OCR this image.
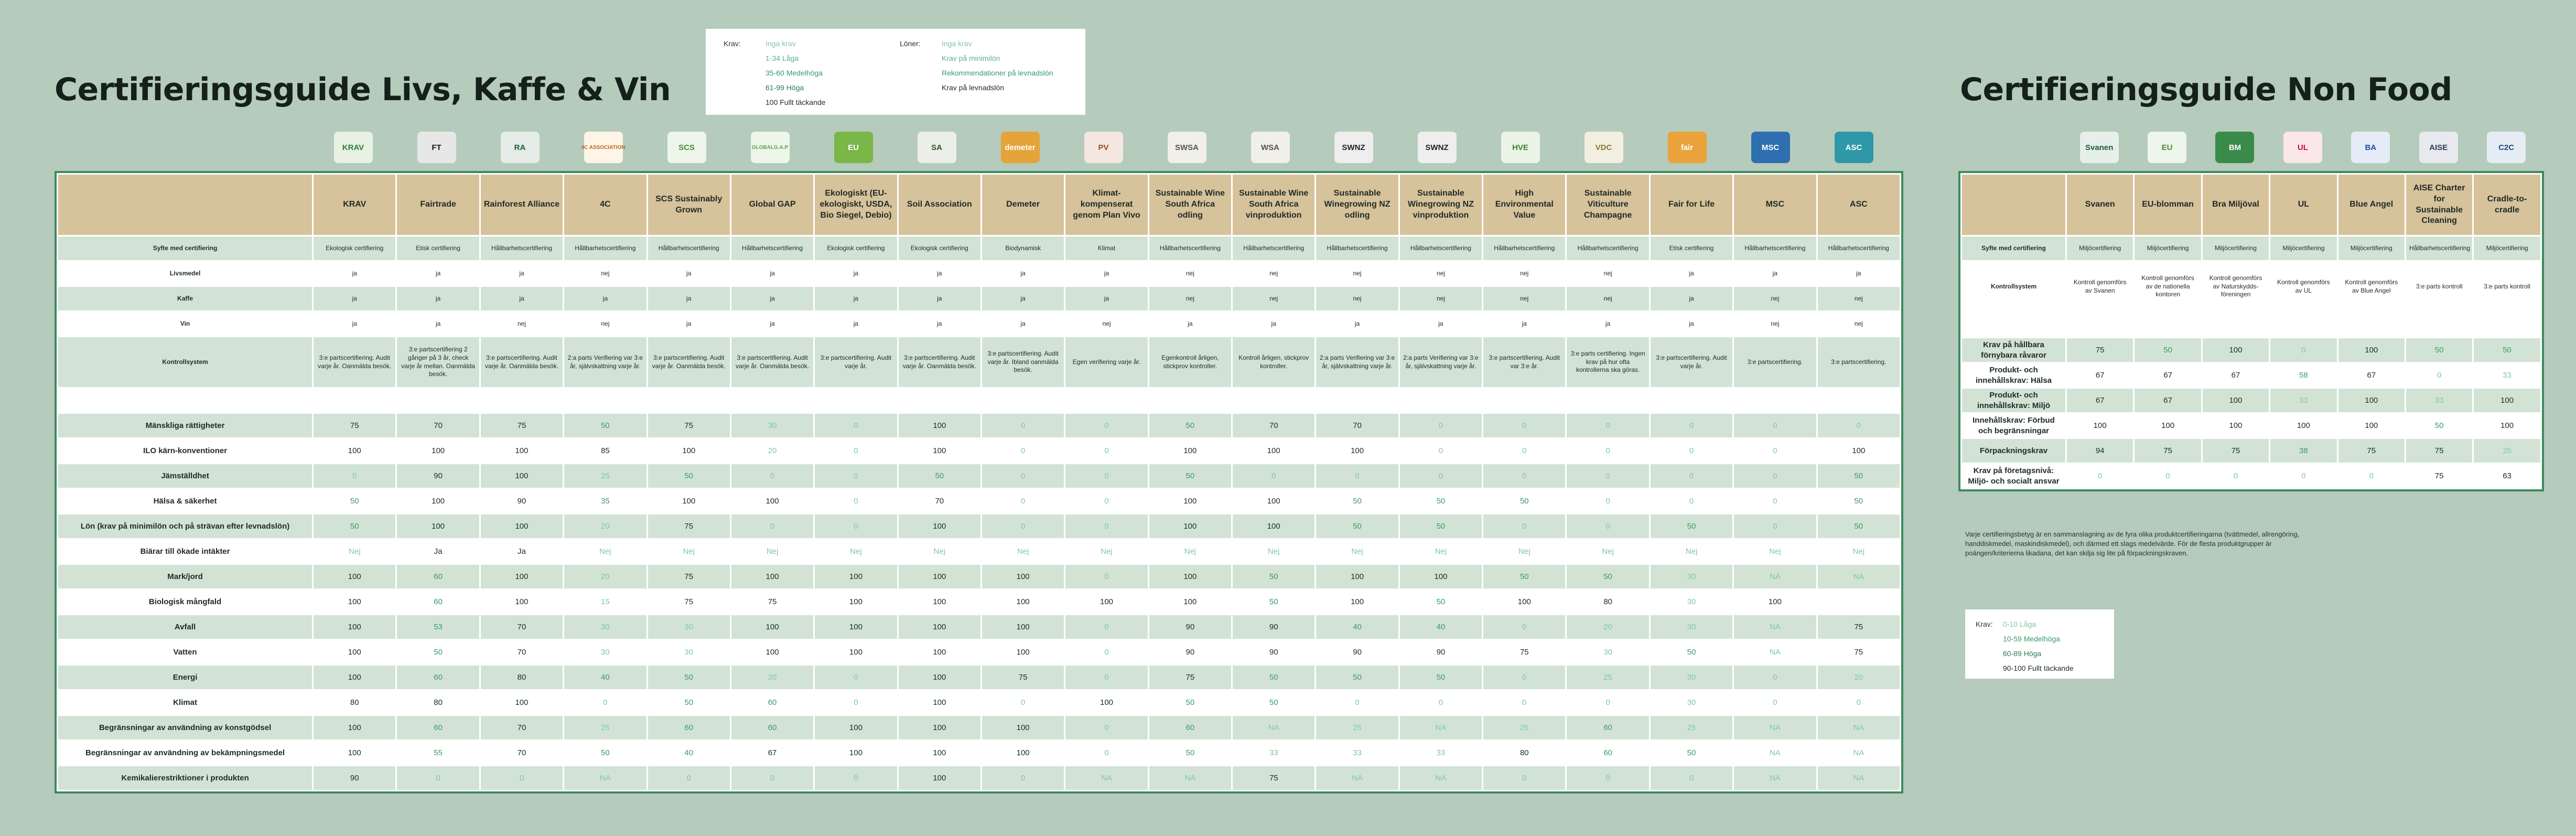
Certifieringsguide Livs, Kaffe & Vin	Certifieringsguide Non Food
Krav:	Inga krav
1-34 Låga
35-60 Medelhöga
61-99 Höga
100 Fullt täckande
Löner:	Inga krav
Krav på minimilön
Rekommendationer på levnadslön
Krav på levnadslön
Krav: 0-10 Låga
10-59 Medelhöga
60-89 Höga
90-100 Fullt täckande
KRAV	FT	RA	4C ASSOCIATION	SCS	GLOBALG.A.P	EU	SA	demeter	PV	SWSA	WSA	SWNZ	SWNZ	HVE	VDC	fair	MSC	ASC	Svanen	EU	BM	UL	BA	AISE	C2C
	KRAV	Fairtrade	Rainforest Alliance	4C	SCS Sustainably Grown	Global GAP	Ekologiskt (EU-ekologiskt, USDA, Bio Siegel, Debio)	Soil Association	Demeter	Klimat-kompenserat genom Plan Vivo	Sustainable Wine South Africa odling	Sustainable Wine South Africa vinproduktion	Sustainable Winegrowing NZ odling	Sustainable Winegrowing NZ vinproduktion	High Environmental Value	Sustainable Viticulture Champagne	Fair for Life	MSC	ASC
Syfte med certifiering	Ekologisk certifiering	Etisk certifiering	Hållbarhetscertifiering	Hållbarhetscertifiering	Hållbarhetscertifiering	Hållbarhetscertifiering	Ekologisk certifiering	Ekologisk certifiering	Biodynamisk	Klimat	Hållbarhetscertifiering	Hållbarhetscertifiering	Hållbarhetscertifiering	Hållbarhetscertifiering	Hållbarhetscertifiering	Hållbarhetscertifiering	Etisk certifiering	Hållbarhetscertifiering	Hållbarhetscertifiering
Livsmedel	ja	ja	ja	nej	ja	ja	ja	ja	ja	ja	nej	nej	nej	nej	nej	nej	ja	ja	ja
Kaffe	ja	ja	ja	ja	ja	ja	ja	ja	ja	ja	nej	nej	nej	nej	nej	nej	ja	nej	nej
Vin	ja	ja	nej	nej	ja	ja	ja	ja	ja	nej	ja	ja	ja	ja	ja	ja	ja	nej	nej
Kontrollsystem	3:e partscertifiering. Audit varje år. Oanmälda besök.	3:e partscertifiering 2 gånger på 3 år, check varje år mellan. Oanmälda besök.	3:e partscertifiering. Audit varje år. Oanmälda besök.	2:a parts Verifiering var 3:e år, självskattning varje år.	3:e partscertifiering. Audit varje år. Oanmälda besök.	3:e partscertifiering. Audit varje år. Oanmälda besök.	3:e partscertifiering. Audit varje år.	3:e partscertifiering. Audit varje år. Oanmälda besök.	3:e partscertifiering. Audit varje år. Ibland oanmälda besök.	Egen verifiering varje år.	Egenkontroll årligen, stickprov kontroller.	Kontroll årligen, stickprov kontroller.	2:a parts Verifiering var 3:e år, självskattning varje år.	2:a parts Verifiering var 3:e år, självskattning varje år.	3:e partscertifiering. Audit var 3:e år.	3:e parts certifiering. Ingen krav på hur ofta kontrollerna ska göras.	3:e partscertifiering. Audit varje år.	3:e partscertifiering.	3:e partscertifiering.

Mänskliga rättigheter	75	70	75	50	75	30	0	100	0	0	50	70	70	0	0	0	0	0	0
ILO kärn-konventioner	100	100	100	85	100	20	0	100	0	0	100	100	100	0	0	0	0	0	100
Jämställdhet	0	90	100	25	50	0	0	50	0	0	50	0	0	0	0	0	0	0	50
Hälsa & säkerhet	50	100	90	35	100	100	0	70	0	0	100	100	50	50	50	0	0	0	50
Lön (krav på minimilön och på strävan efter levnadslön)	50	100	100	20	75	0	0	100	0	0	100	100	50	50	0	0	50	0	50
Biärar till ökade intäkter	Nej	Ja	Ja	Nej	Nej	Nej	Nej	Nej	Nej	Nej	Nej	Nej	Nej	Nej	Nej	Nej	Nej	Nej	Nej
Mark/jord	100	60	100	20	75	100	100	100	100	0	100	50	100	100	50	50	30	NA	NA
Biologisk mångfald	100	60	100	15	75	75	100	100	100	100	100	50	100	50	100	80	30	100	
Avfall	100	53	70	30	30	100	100	100	100	0	90	90	40	40	0	20	30	NA	75
Vatten	100	50	70	30	30	100	100	100	100	0	90	90	90	90	75	30	50	NA	75
Energi	100	60	80	40	50	20	0	100	75	0	75	50	50	50	0	25	30	0	20
Klimat	80	80	100	0	50	60	0	100	0	100	50	50	0	0	0	0	30	0	0
Begränsningar av användning av konstgödsel	100	60	70	25	60	60	100	100	100	0	60	NA	25	NA	25	60	25	NA	NA
Begränsningar av användning av bekämpningsmedel	100	55	70	50	40	67	100	100	100	0	50	33	33	33	80	60	50	NA	NA
Kemikalierestriktioner i produkten	90	0	0	NA	0	0	0	100	0	NA	NA	75	NA	NA	0	0	0	NA	NA
	Svanen	EU-blomman	Bra Miljöval	UL	Blue Angel	AISE Charter for Sustainable Cleaning	Cradle-to-cradle
Syfte med certifiering	Miljöcertifiering	Miljöcertifiering	Miljöcertifiering	Miljöcertifiering	Miljöcertifiering	Hållbarhetscertifiering	Miljöcertifiering
Kontrollsystem	Kontroll genomförs av Svanen	Kontroll genomförs av de nationella kontoren	Kontroll genomförs av Naturskydds-föreningen	Kontroll genomförs av UL	Kontroll genomförs av Blue Angel	3:e parts kontroll	3:e parts kontroll

Krav på hållbara förnybara råvaror	75	50	100	0	100	50	50
Produkt- och innehållskrav: Hälsa	67	67	67	58	67	0	33
Produkt- och innehållskrav: Miljö	67	67	100	33	100	33	100
Innehållskrav: Förbud och begränsningar	100	100	100	100	100	50	100
Förpackningskrav	94	75	75	38	75	75	25
Krav på företagsnivå: Miljö- och socialt ansvar	0	0	0	0	0	75	63
Varje certifieringsbetyg är en sammanslagning av de fyra olika produktcertifieringarna (tvättmedel, allrengöring, handdiskmedel, maskindiskmedel), och därmed ett slags medelvärde. För de flesta produktgrupper är poängen/kriterierna likadana, det kan skilja sig lite på förpackningskraven.
